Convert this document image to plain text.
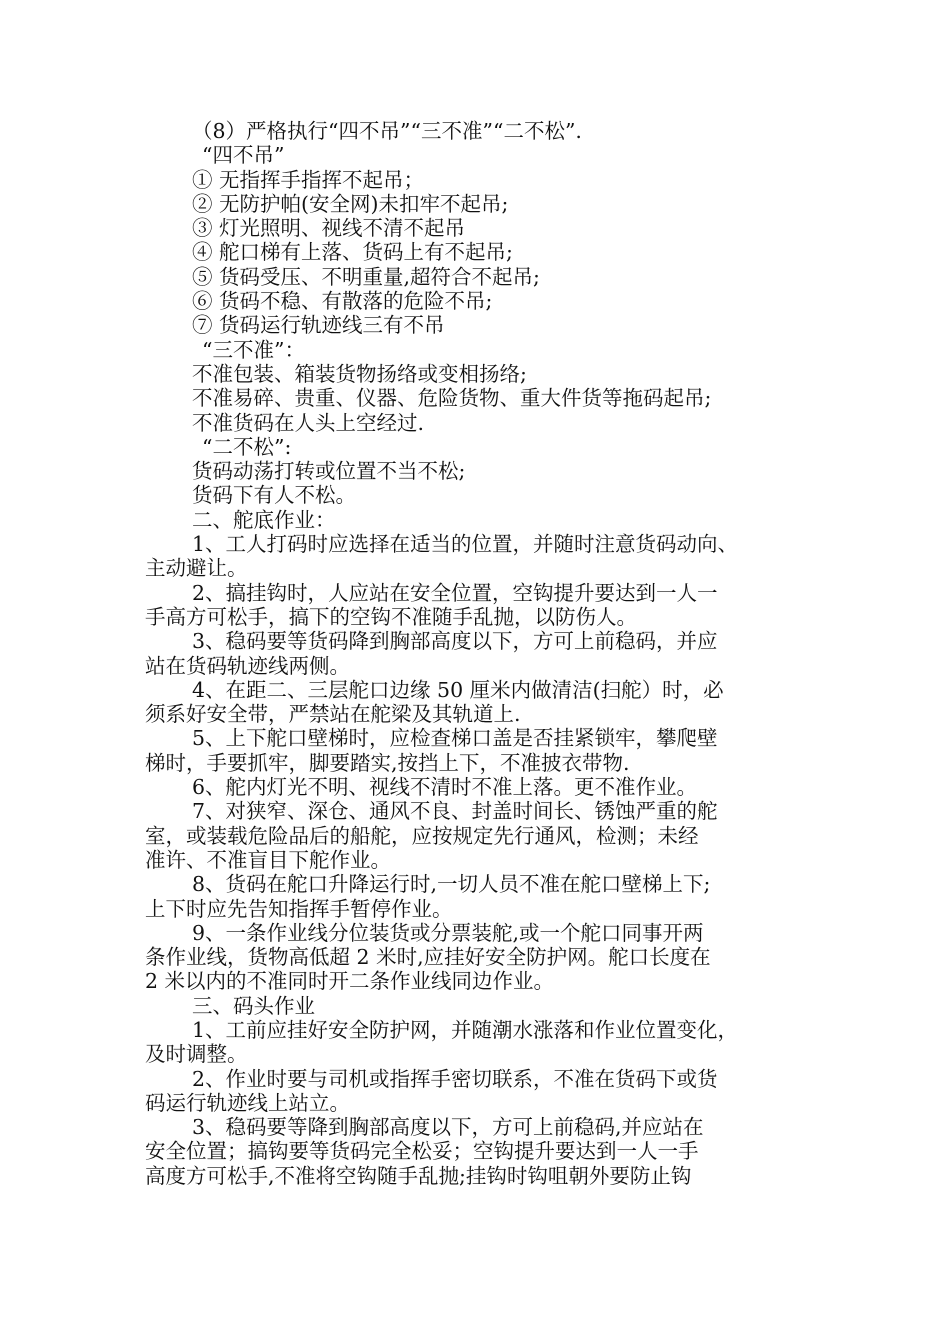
（8）严格执行“四不吊”“三不准”“二不松”.
“四不吊”
① 无指挥手指挥不起吊；
② 无防护帕(安全网)未扣牢不起吊;
③ 灯光照明、视线不清不起吊
④ 舵口梯有上落、货码上有不起吊;
⑤ 货码受压、不明重量,超符合不起吊;
⑥ 货码不稳、有散落的危险不吊;
⑦ 货码运行轨迹线三有不吊
“三不准”：
不准包装、箱装货物扬络或变相扬络;
不准易碎、贵重、仪器、危险货物、重大件货等拖码起吊;
不准货码在人头上空经过.
“二不松”:
货码动荡打转或位置不当不松;
货码下有人不松。
二、舵底作业：
1、工人打码时应选择在适当的位置，并随时注意货码动向、
主动避让。
2、搞挂钩时，人应站在安全位置，空钩提升要达到一人一
手高方可松手，搞下的空钩不准随手乱抛，以防伤人。
3、稳码要等货码降到胸部高度以下，方可上前稳码，并应
站在货码轨迹线两侧。
4、在距二、三层舵口边缘 50 厘米内做清洁(扫舵）时，必
须系好安全带，严禁站在舵梁及其轨道上.
5、上下舵口壁梯时，应检查梯口盖是否挂紧锁牢，攀爬壁
梯时，手要抓牢，脚要踏实,按挡上下，不准披衣带物.
6、舵内灯光不明、视线不清时不准上落。更不准作业。
7、对狭窄、深仓、通风不良、封盖时间长、锈蚀严重的舵
室，或装载危险品后的船舵，应按规定先行通风，检测；未经
准许、不准盲目下舵作业。
8、货码在舵口升降运行时,一切人员不准在舵口壁梯上下;
上下时应先告知指挥手暂停作业。
9、一条作业线分位装货或分票装舵,或一个舵口同事开两
条作业线，货物高低超 2 米时,应挂好安全防护网。舵口长度在
2 米以内的不准同时开二条作业线同边作业。
三、码头作业
1、工前应挂好安全防护网，并随潮水涨落和作业位置变化，
及时调整。
2、作业时要与司机或指挥手密切联系，不准在货码下或货
码运行轨迹线上站立。
3、稳码要等降到胸部高度以下，方可上前稳码,并应站在
安全位置；搞钩要等货码完全松妥；空钩提升要达到一人一手
高度方可松手,不准将空钩随手乱抛;挂钩时钩咀朝外要防止钩
